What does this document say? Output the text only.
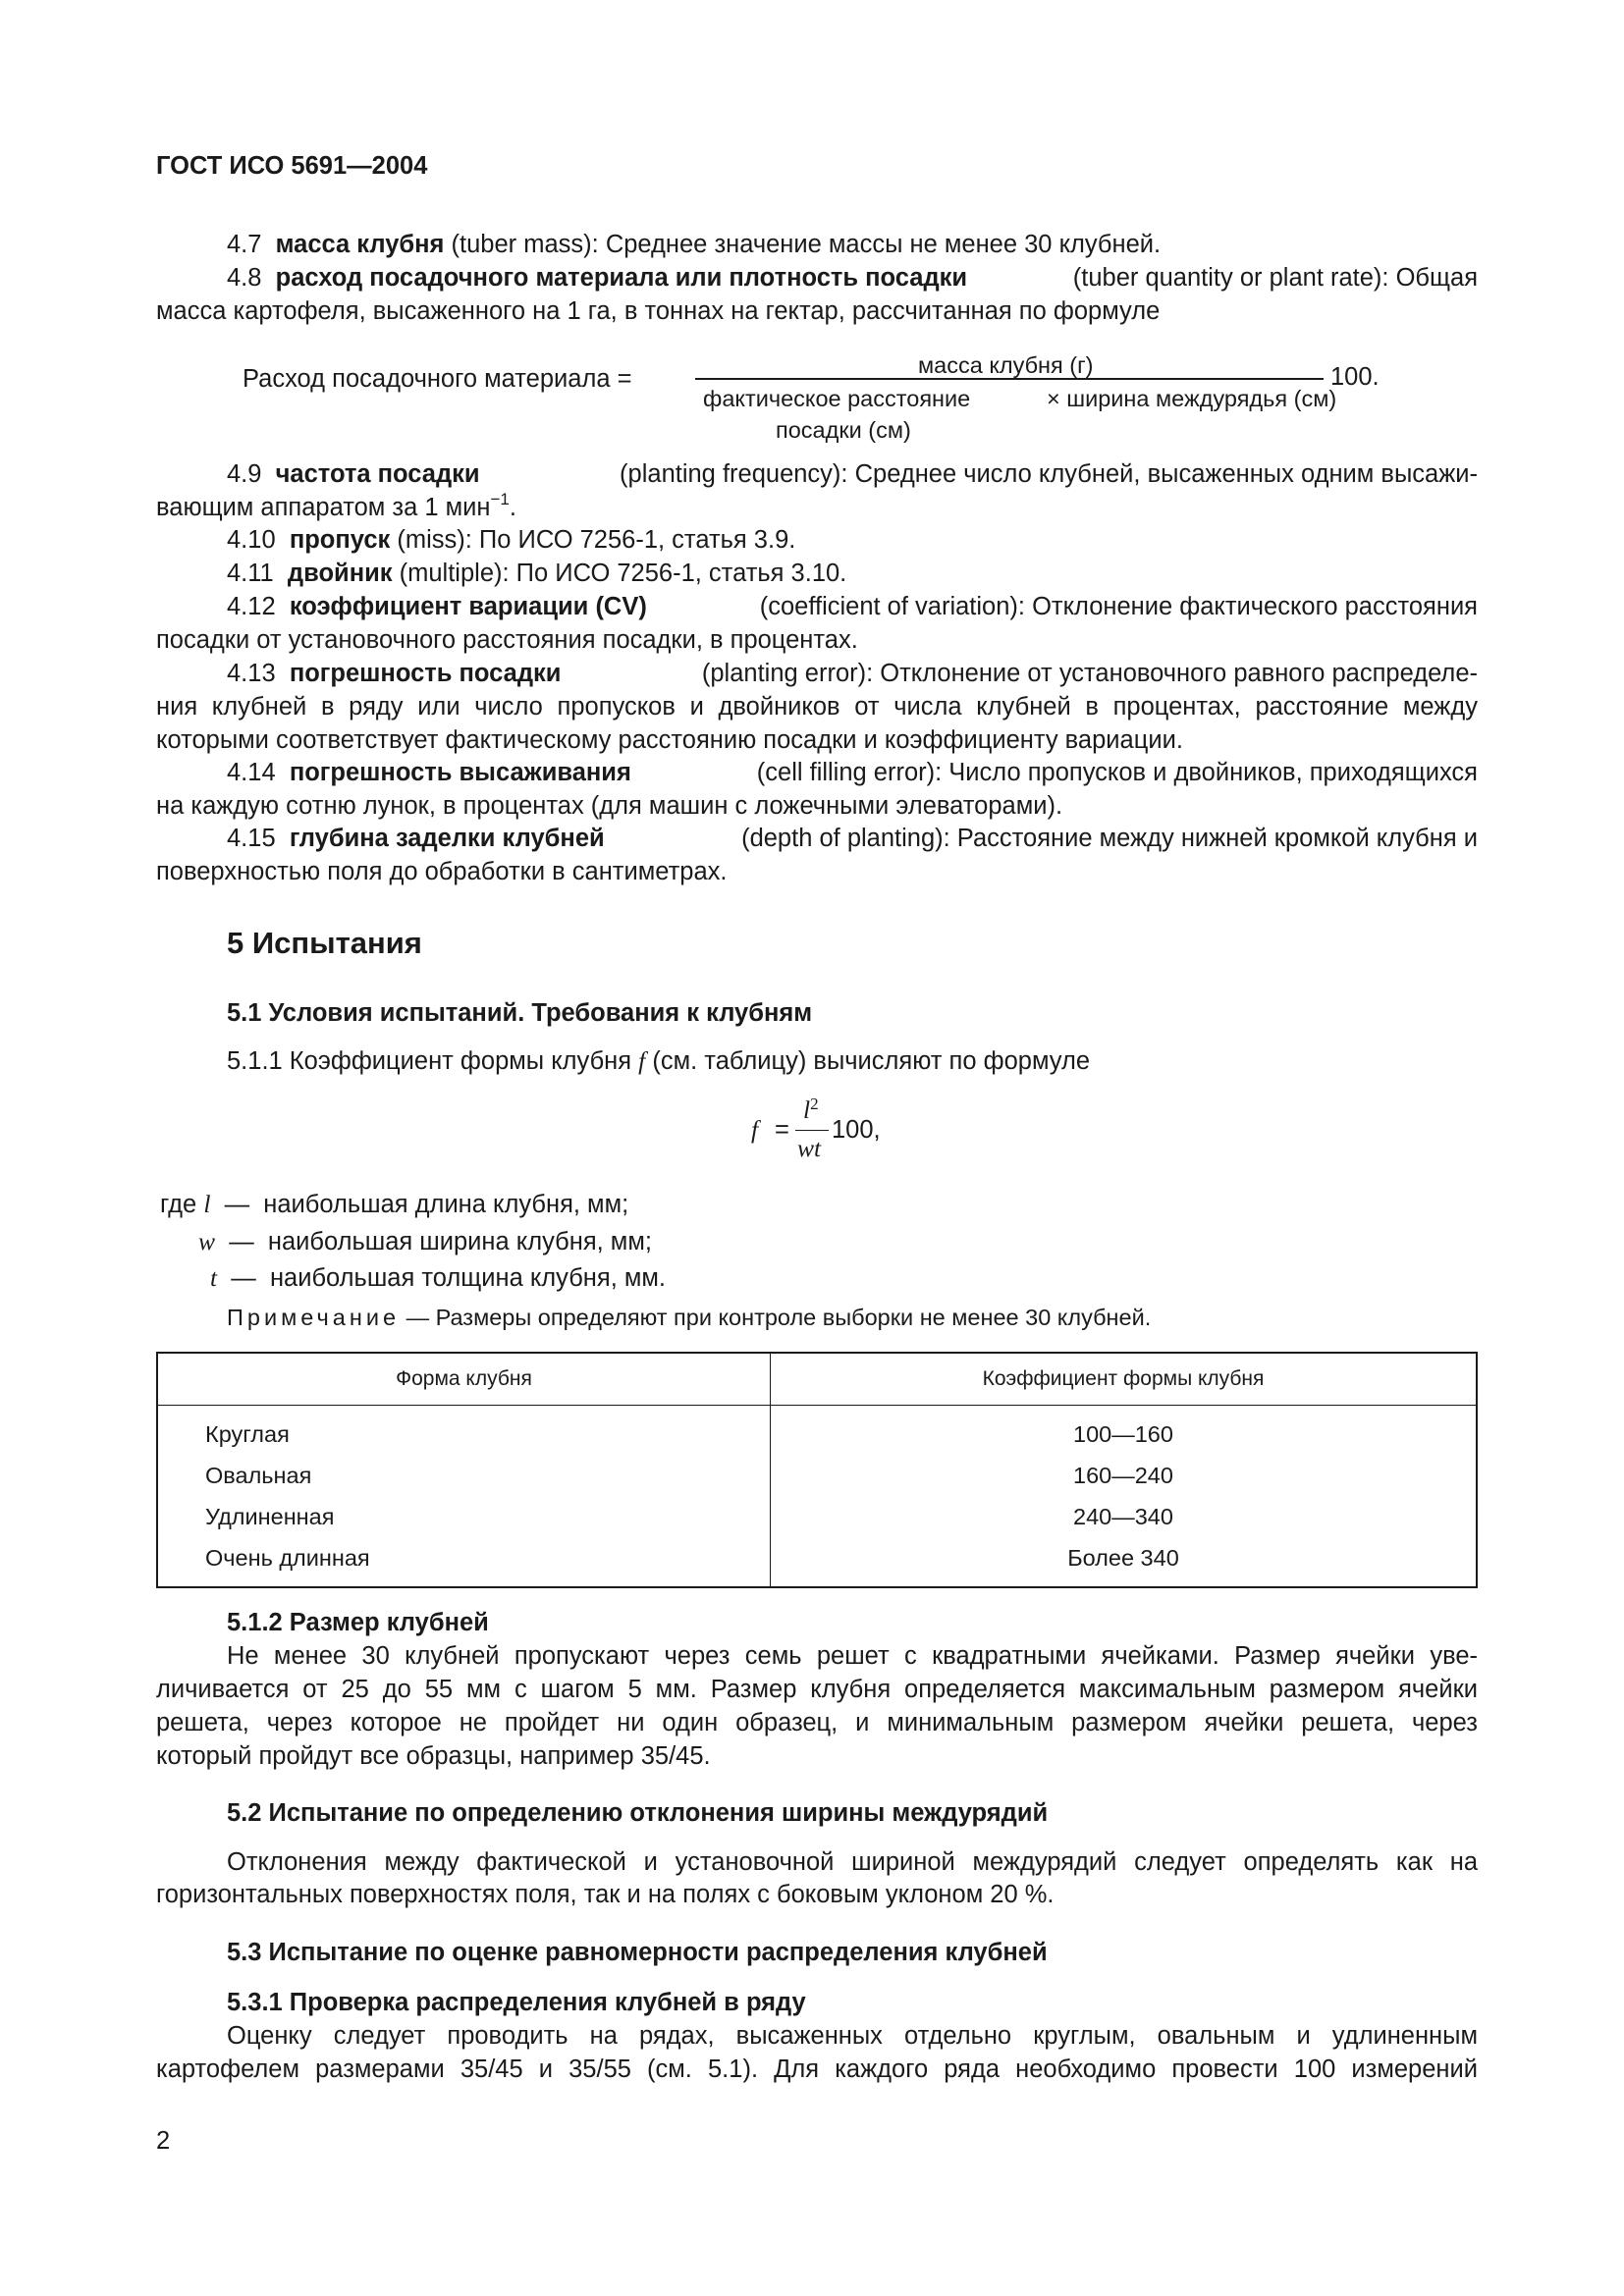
ГОСТ ИСО 5691—2004
4.7 масса клубня (tuber mass): Среднее значение массы не менее 30 клубней.
4.8 расход посадочного материала или плотность посадки	(tuber quantity or plant rate): Общая
масса картофеля, высаженного на 1 га, в тоннах на гектар, рассчитанная по формуле
Расход посадочного материала =	масса клубня (г)
фактическое расстояние	× ширина междурядья (см)
посадки (см)
100.
4.9 частота посадки	(planting frequency): Среднее число клубней, высаженных одним высажи-
вающим аппаратом за 1 мин$^{-1}$.
4.10 пропуск (miss): По ИСО 7256-1, статья 3.9.
4.11 двойник (multiple): По ИСО 7256-1, статья 3.10.
4.12 коэффициент вариации (CV)	(coefficient of variation): Отклонение фактического расстояния
посадки от установочного расстояния посадки, в процентах.
4.13 погрешность посадки	(planting error): Отклонение от установочного равного распределе-
ния клубней в ряду или число пропусков и двойников от числа клубней в процентах, расстояние между
которыми соответствует фактическому расстоянию посадки и коэффициенту вариации.
4.14 погрешность высаживания	(cell filling error): Число пропусков и двойников, приходящихся
на каждую сотню лунок, в процентах (для машин с ложечными элеваторами).
4.15 глубина заделки клубней	(depth of planting): Расстояние между нижней кромкой клубня и
поверхностью поля до обработки в сантиметрах.
5 Испытания
5.1 Условия испытаний. Требования к клубням
5.1.1 Коэффициент формы клубня f (см. таблицу) вычисляют по формуле
f =
$l^2$
wt
100,
где l — наибольшая длина клубня, мм;
w — наибольшая ширина клубня, мм;
t — наибольшая толщина клубня, мм.
Примечание — Размеры определяют при контроле выборки не менее 30 клубней.
Форма клубня	Коэффициент формы клубня
Круглая	100—160
Овальная	160—240
Удлиненная	240—340
Очень длинная	Более 340
5.1.2 Размер клубней
Не менее 30 клубней пропускают через семь решет с квадратными ячейками. Размер ячейки уве-
личивается от 25 до 55 мм с шагом 5 мм. Размер клубня определяется максимальным размером ячейки
решета, через которое не пройдет ни один образец, и минимальным размером ячейки решета, через
который пройдут все образцы, например 35/45.
5.2 Испытание по определению отклонения ширины междурядий
Отклонения между фактической и установочной шириной междурядий следует определять как на
горизонтальных поверхностях поля, так и на полях с боковым уклоном 20 %.
5.3 Испытание по оценке равномерности распределения клубней
5.3.1 Проверка распределения клубней в ряду
Оценку следует проводить на рядах, высаженных отдельно круглым, овальным и удлиненным
картофелем размерами 35/45 и 35/55 (см. 5.1). Для каждого ряда необходимо провести 100 измерений
2
